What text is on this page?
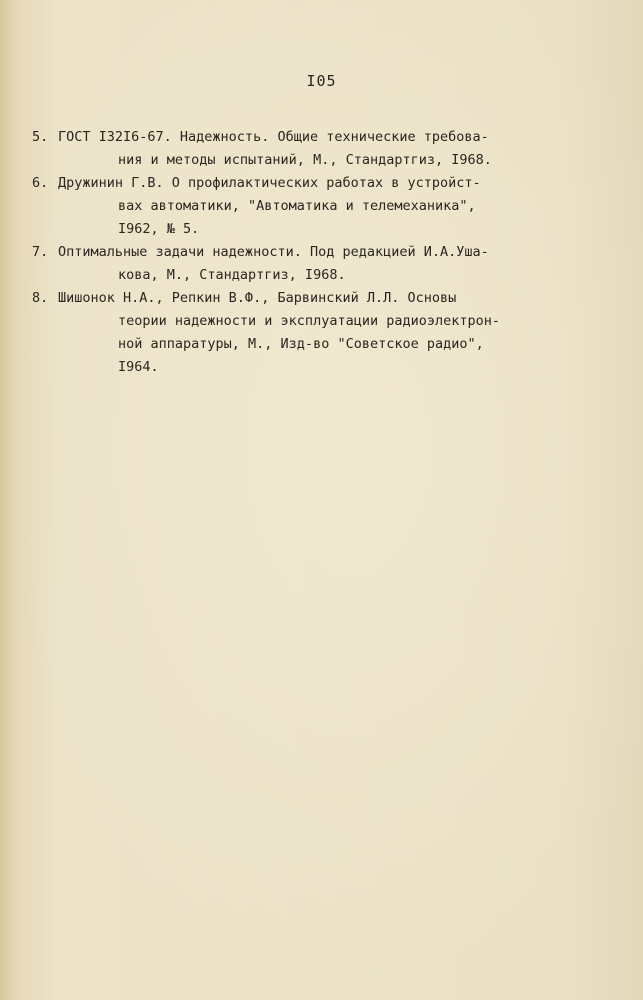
I05
5. ГОСТ I32I6-67. Надежность. Общие технические требова-
ния и методы испытаний, М., Стандартгиз, I968.
6. Дружинин Г.В. О профилактических работах в устройст-
вах автоматики, "Автоматика и телемеханика",
I962, № 5.
7. Оптимальные задачи надежности. Под редакцией И.А.Уша-
кова, М., Стандартгиз, I968.
8. Шишонок Н.А., Репкин В.Ф., Барвинский Л.Л. Основы
теории надежности и эксплуатации радиоэлектрон-
ной аппаратуры, М., Изд-во "Советское радио",
I964.
